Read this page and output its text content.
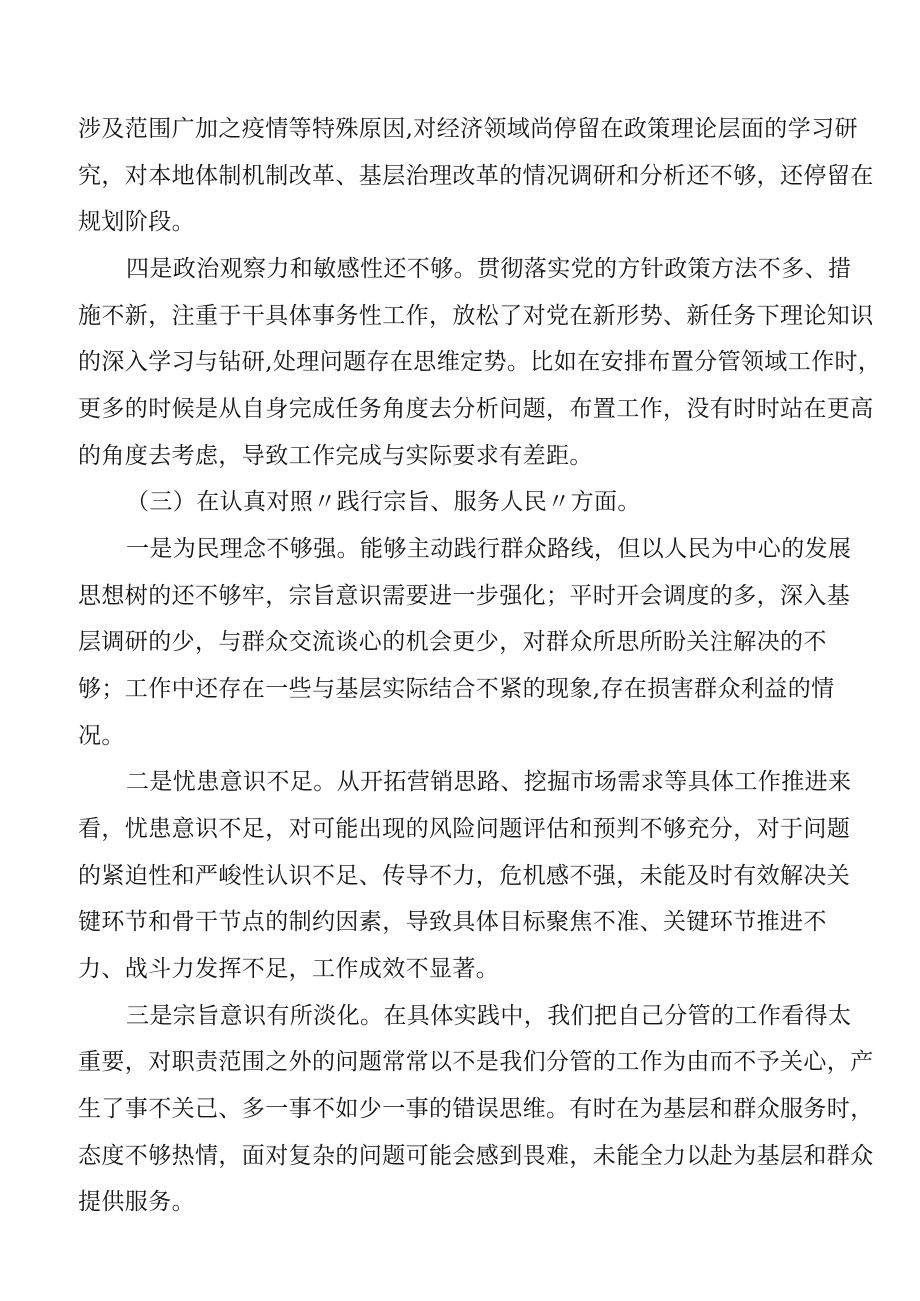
涉及范围广加之疫情等特殊原因,对经济领域尚停留在政策理论层面的学习研
究，对本地体制机制改革、基层治理改革的情况调研和分析还不够，还停留在
规划阶段。
四是政治观察力和敏感性还不够。贯彻落实党的方针政策方法不多、措
施不新，注重于干具体事务性工作，放松了对党在新形势、新任务下理论知识
的深入学习与钻研,处理问题存在思维定势。比如在安排布置分管领域工作时，
更多的时候是从自身完成任务角度去分析问题，布置工作，没有时时站在更高
的角度去考虑，导致工作完成与实际要求有差距。
（三）在认真对照〃践行宗旨、服务人民〃方面。
一是为民理念不够强。能够主动践行群众路线，但以人民为中心的发展
思想树的还不够牢，宗旨意识需要进一步强化；平时开会调度的多，深入基
层调研的少，与群众交流谈心的机会更少，对群众所思所盼关注解决的不
够；工作中还存在一些与基层实际结合不紧的现象,存在损害群众利益的情
况。
二是忧患意识不足。从开拓营销思路、挖掘市场需求等具体工作推进来
看，忧患意识不足，对可能出现的风险问题评估和预判不够充分，对于问题
的紧迫性和严峻性认识不足、传导不力，危机感不强，未能及时有效解决关
键环节和骨干节点的制约因素，导致具体目标聚焦不准、关键环节推进不
力、战斗力发挥不足，工作成效不显著。
三是宗旨意识有所淡化。在具体实践中，我们把自己分管的工作看得太
重要，对职责范围之外的问题常常以不是我们分管的工作为由而不予关心，产
生了事不关己、多一事不如少一事的错误思维。有时在为基层和群众服务时，
态度不够热情，面对复杂的问题可能会感到畏难，未能全力以赴为基层和群众
提供服务。
